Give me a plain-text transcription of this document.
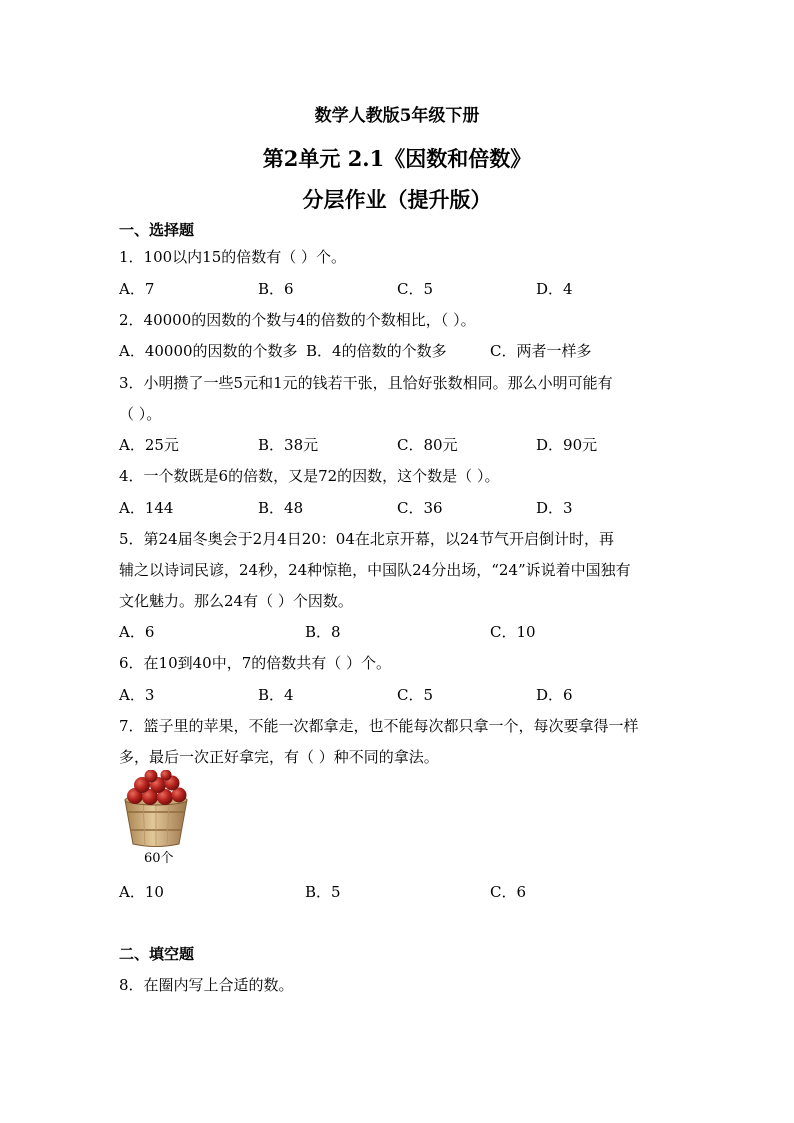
数学人教版5年级下册
第2单元 2.1《因数和倍数》
分层作业（提升版）
一、选择题
1．100以内15的倍数有（ ）个。
A．7	B．6	C．5	D．4
2．40000的因数的个数与4的倍数的个数相比，（ ）。
A．40000的因数的个数多 B．4的倍数的个数多	C．两者一样多
3．小明攒了一些5元和1元的钱若干张，且恰好张数相同。那么小明可能有
（ ）。
A．25元	B．38元	C．80元	D．90元
4．一个数既是6的倍数，又是72的因数，这个数是（ ）。
A．144	B．48	C．36	D．3
5．第24届冬奥会于2月4日20：04在北京开幕，以24节气开启倒计时，再
辅之以诗词民谚，24秒，24种惊艳，中国队24分出场，“24”诉说着中国独有
文化魅力。那么24有（ ）个因数。
A．6	B．8	C．10
6．在10到40中，7的倍数共有（ ）个。
A．3	B．4	C．5	D．6
7．篮子里的苹果，不能一次都拿走，也不能每次都只拿一个，每次要拿得一样
多，最后一次正好拿完，有（ ）种不同的拿法。
60个
A．10	B．5	C．6
二、填空题
8．在圈内写上合适的数。
